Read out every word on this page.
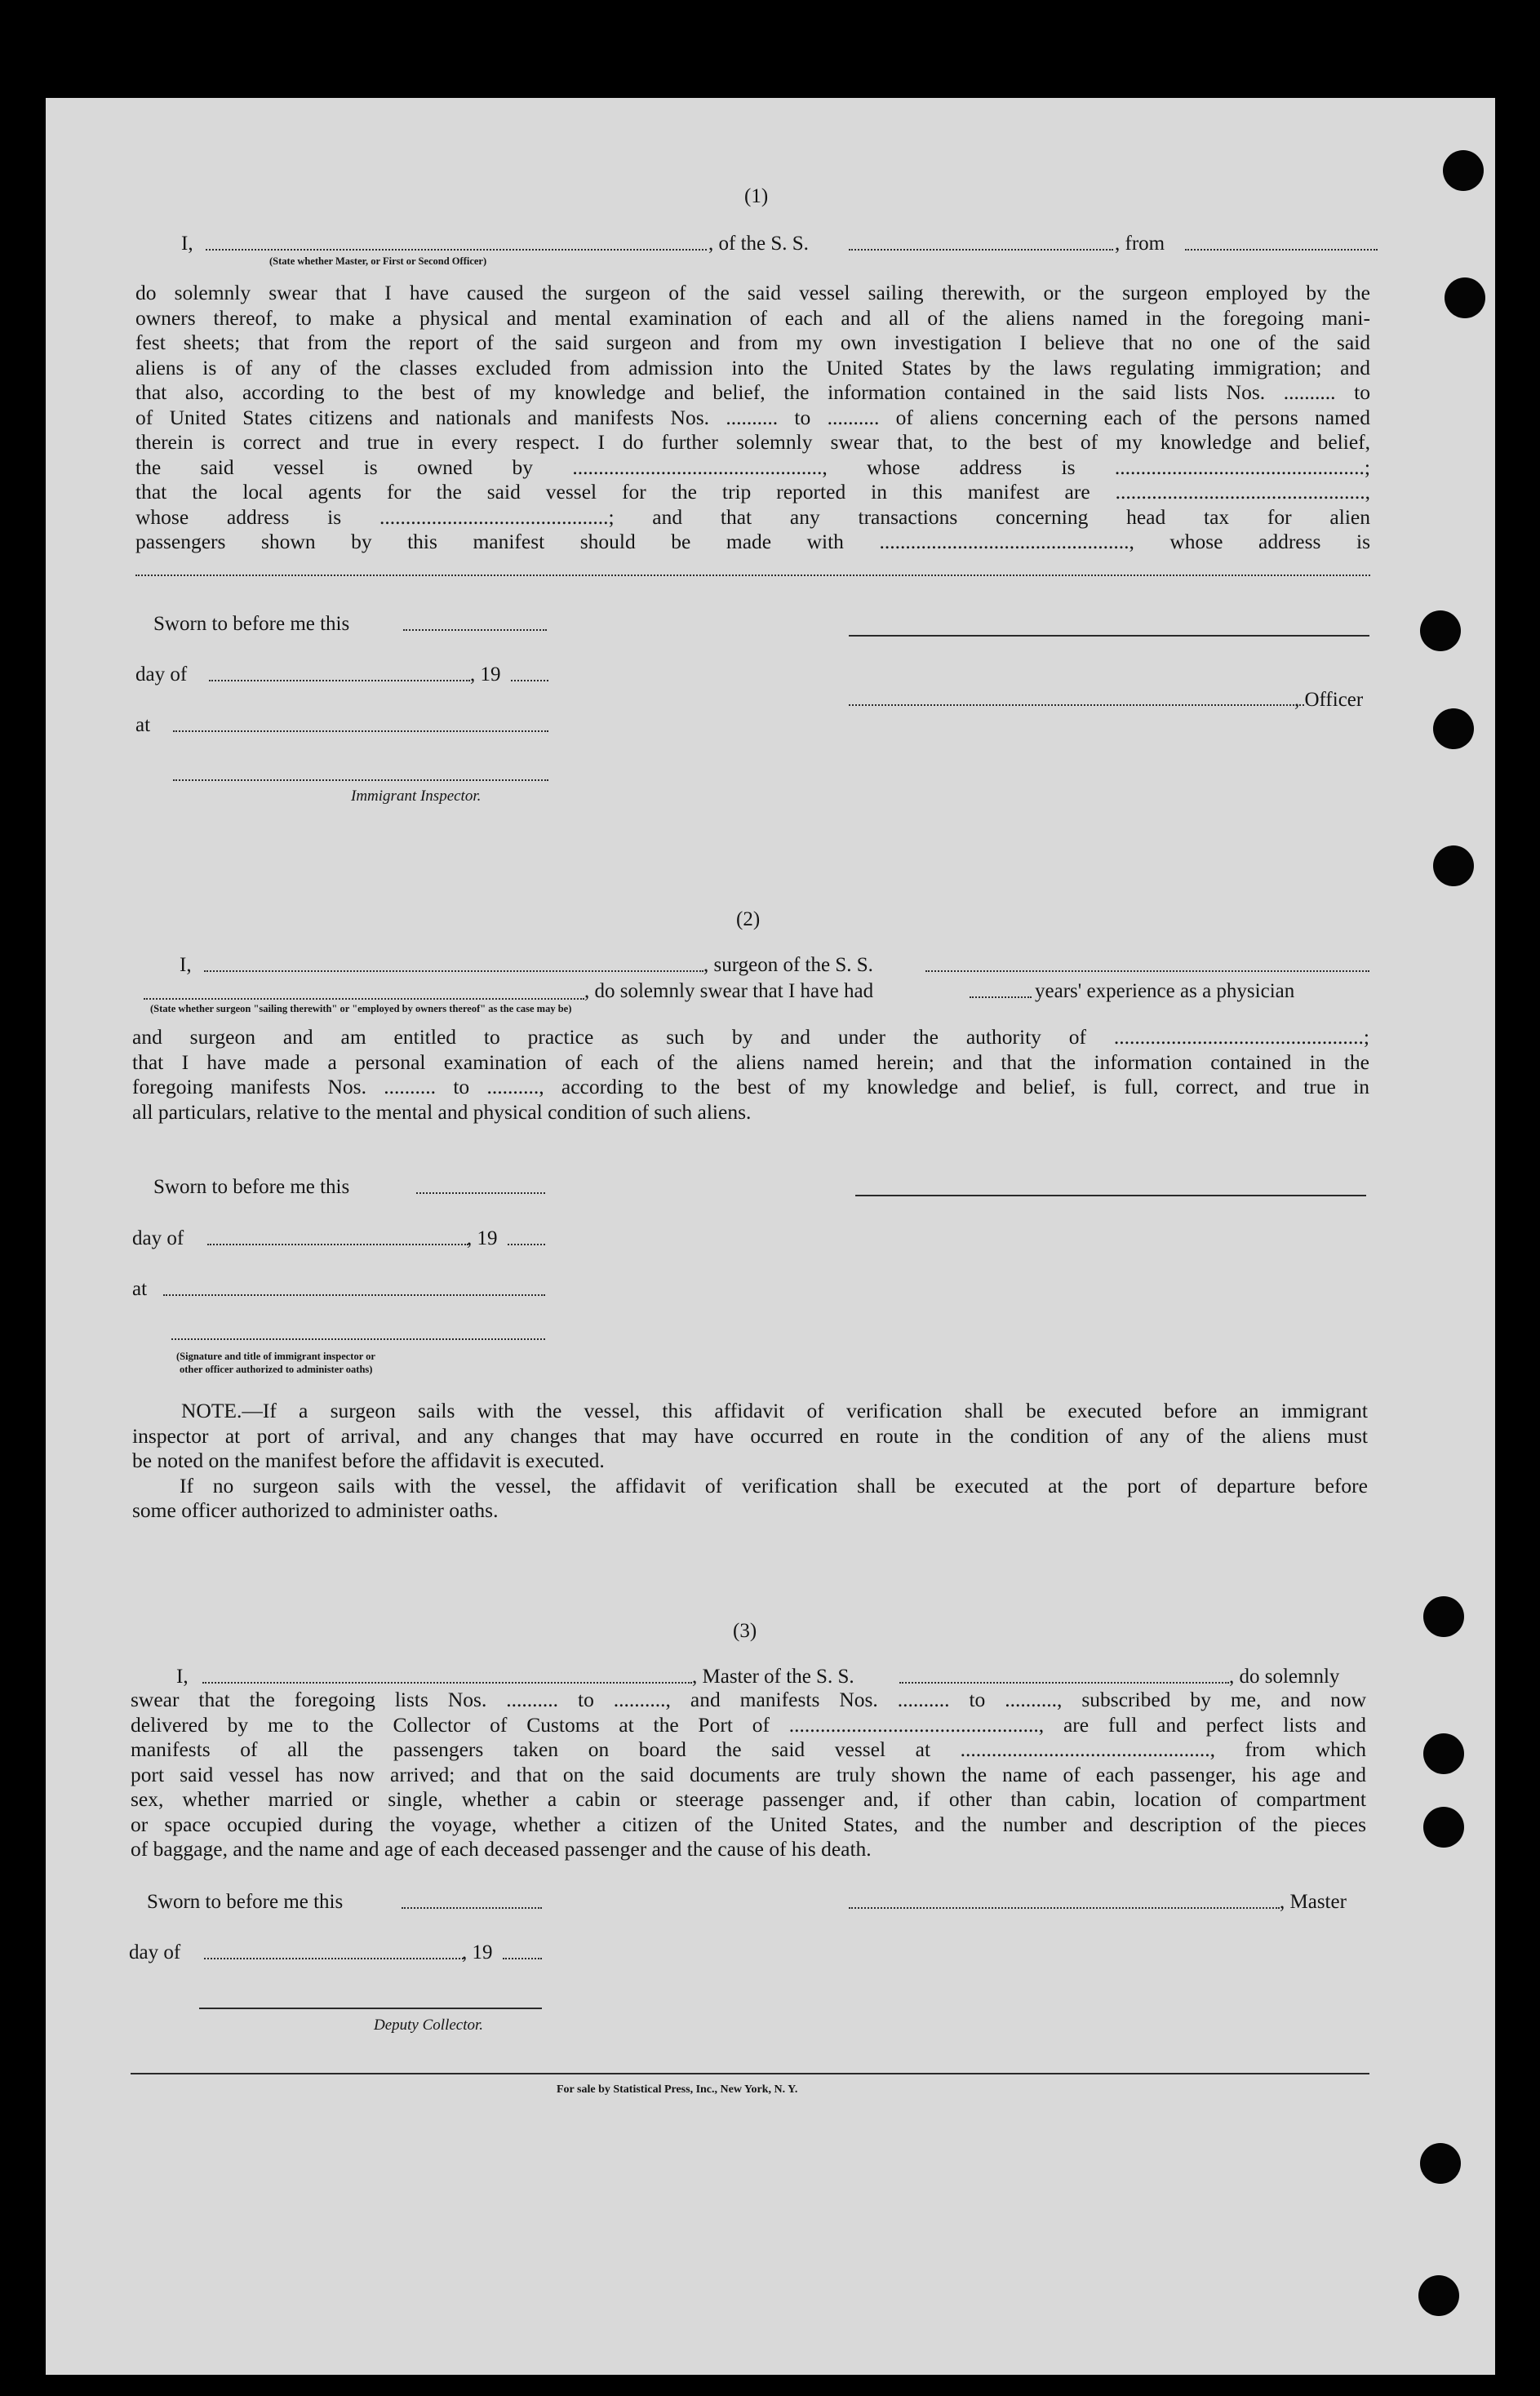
(1)
I,	, of the S. S.	, from
(State whether Master, or First or Second Officer)
do solemnly swear that I have caused the surgeon of the said vessel sailing therewith, or the surgeon employed by the
owners thereof, to make a physical and mental examination of each and all of the aliens named in the foregoing mani-
fest sheets; that from the report of the said surgeon and from my own investigation I believe that no one of the said
aliens is of any of the classes excluded from admission into the United States by the laws regulating immigration; and
that also, according to the best of my knowledge and belief, the information contained in the said lists Nos. .......... to
of United States citizens and nationals and manifests Nos. .......... to .......... of aliens concerning each of the persons named
therein is correct and true in every respect. I do further solemnly swear that, to the best of my knowledge and belief,
the said vessel is owned by ................................................, whose address is ................................................;
that the local agents for the said vessel for the trip reported in this manifest are ................................................,
whose address is ............................................; and that any transactions concerning head tax for alien
passengers shown by this manifest should be made with ................................................, whose address is
Sworn to before me this
day of	, 19
at
, Officer
Immigrant Inspector.
(2)
I,	, surgeon of the S. S.
, do solemnly swear that I have had	years' experience as a physician
(State whether surgeon "sailing therewith" or "employed by owners thereof" as the case may be)
and surgeon and am entitled to practice as such by and under the authority of ................................................;
that I have made a personal examination of each of the aliens named herein; and that the information contained in the
foregoing manifests Nos. .......... to .........., according to the best of my knowledge and belief, is full, correct, and true in
all particulars, relative to the mental and physical condition of such aliens.
Sworn to before me this
day of	, 19
at
(Signature and title of immigrant inspector or
other officer authorized to administer oaths)
NOTE.—If a surgeon sails with the vessel, this affidavit of verification shall be executed before an immigrant
inspector at port of arrival, and any changes that may have occurred en route in the condition of any of the aliens must
be noted on the manifest before the affidavit is executed.
If no surgeon sails with the vessel, the affidavit of verification shall be executed at the port of departure before
some officer authorized to administer oaths.
(3)
I,	, Master of the S. S.	, do solemnly
swear that the foregoing lists Nos. .......... to .........., and manifests Nos. .......... to .........., subscribed by me, and now
delivered by me to the Collector of Customs at the Port of ................................................, are full and perfect lists and
manifests of all the passengers taken on board the said vessel at ................................................, from which
port said vessel has now arrived; and that on the said documents are truly shown the name of each passenger, his age and
sex, whether married or single, whether a cabin or steerage passenger and, if other than cabin, location of compartment
or space occupied during the voyage, whether a citizen of the United States, and the number and description of the pieces
of baggage, and the name and age of each deceased passenger and the cause of his death.
Sworn to before me this	, Master
day of	, 19
Deputy Collector.
For sale by Statistical Press, Inc., New York, N. Y.
